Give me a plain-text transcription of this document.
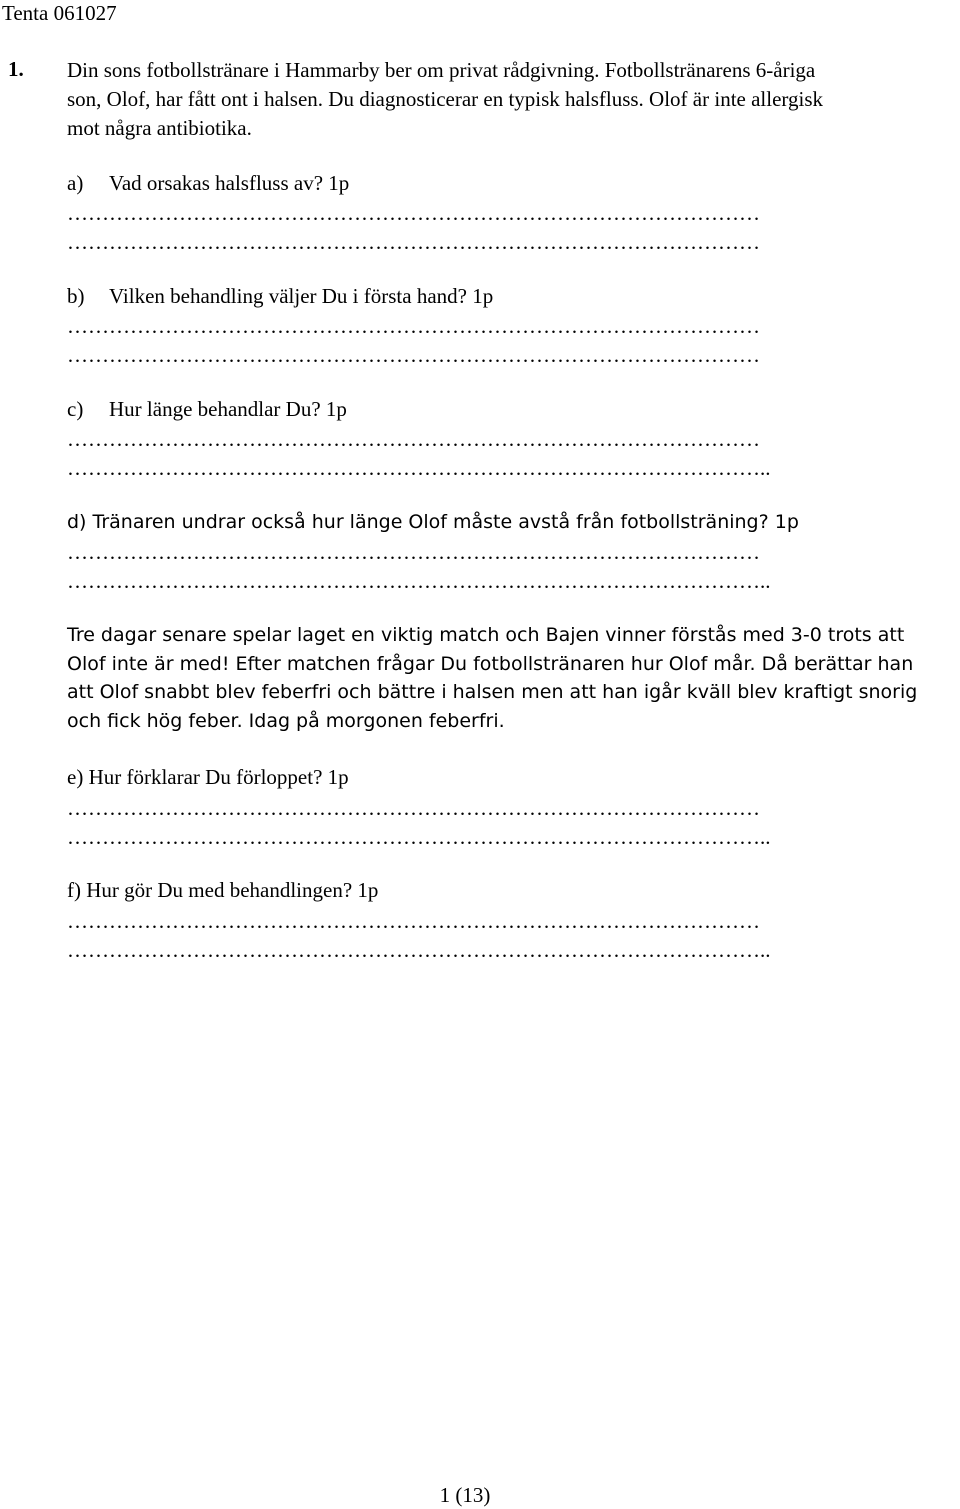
Tenta 061027
1. Din sons fotbollstränare i Hammarby ber om privat rådgivning. Fotbollstränarens 6-åriga
son, Olof, har fått ont i halsen. Du diagnosticerar en typisk halsfluss. Olof är inte allergisk
mot några antibiotika.
a) Vad orsakas halsfluss av? 1p
………………………………………………………………………………………
………………………………………………………………………………………
b) Vilken behandling väljer Du i första hand? 1p
………………………………………………………………………………………
………………………………………………………………………………………
c) Hur länge behandlar Du? 1p
………………………………………………………………………………………
………………………………………………………………………………………..
d) Tränaren undrar också hur länge Olof måste avstå från fotbollsträning? 1p
………………………………………………………………………………………
………………………………………………………………………………………..
Tre dagar senare spelar laget en viktig match och Bajen vinner förstås med 3-0 trots att
Olof inte är med! Efter matchen frågar Du fotbollstränaren hur Olof mår. Då berättar han
att Olof snabbt blev feberfri och bättre i halsen men att han igår kväll blev kraftigt snorig
och fick hög feber. Idag på morgonen feberfri.
e) Hur förklarar Du förloppet? 1p
………………………………………………………………………………………
………………………………………………………………………………………..
f) Hur gör Du med behandlingen? 1p
………………………………………………………………………………………
………………………………………………………………………………………..
1 (13)
